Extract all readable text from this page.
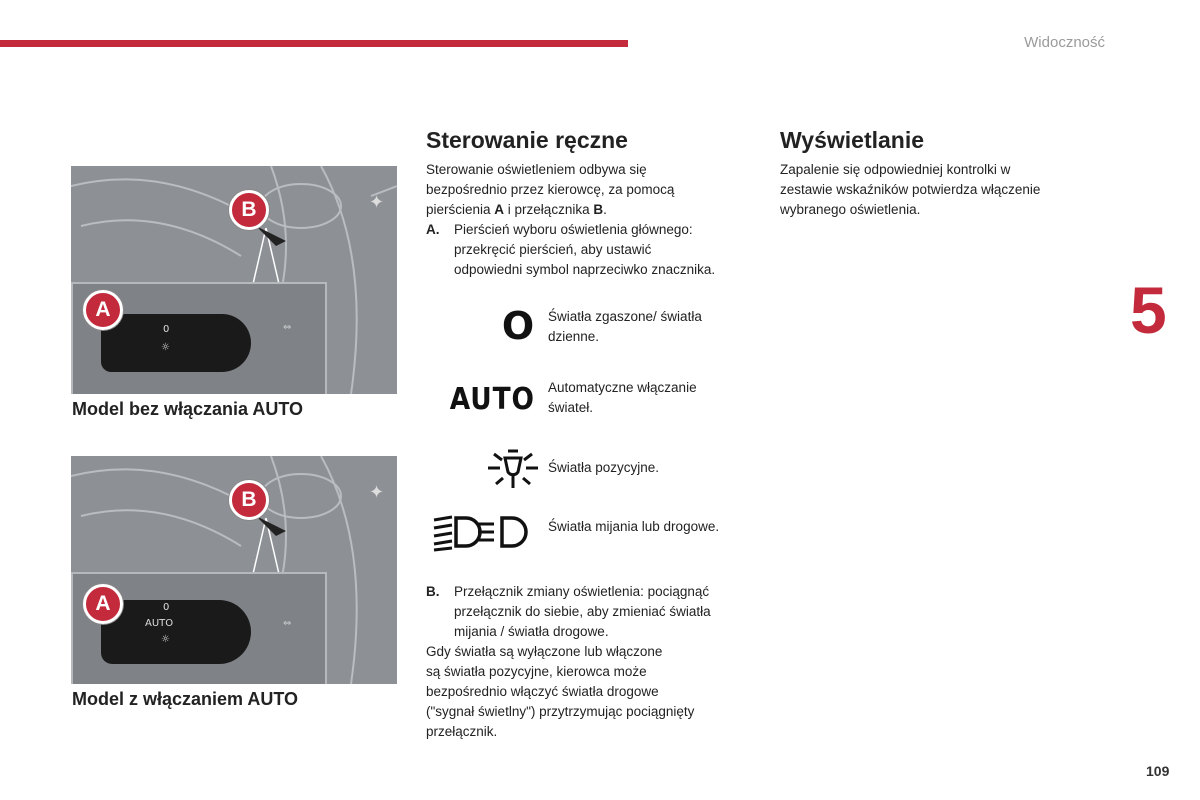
Widoczność
5
109
✦
0
☼
⇔
A
B
Model bez włączania AUTO
✦
0
AUTO
☼
⇔
A
B
Model z włączaniem AUTO
Sterowanie ręczne
Sterowanie oświetleniem odbywa się
bezpośrednio przez kierowcę, za pomocą
pierścienia A i przełącznika B.
A. Pierścień wyboru oświetlenia głównego:
przekręcić pierścień, aby ustawić
odpowiedni symbol naprzeciwko znacznika.
O Światła zgaszone/ światła
dzienne.
AUTO Automatyczne włączanie
świateł.
Światła pozycyjne.
Światła mijania lub drogowe.
B. Przełącznik zmiany oświetlenia: pociągnąć
przełącznik do siebie, aby zmieniać światła
mijania / światła drogowe.
Gdy światła są wyłączone lub włączone
są światła pozycyjne, kierowca może
bezpośrednio włączyć światła drogowe
("sygnał świetlny") przytrzymując pociągnięty
przełącznik.
Wyświetlanie
Zapalenie się odpowiedniej kontrolki w
zestawie wskaźników potwierdza włączenie
wybranego oświetlenia.
